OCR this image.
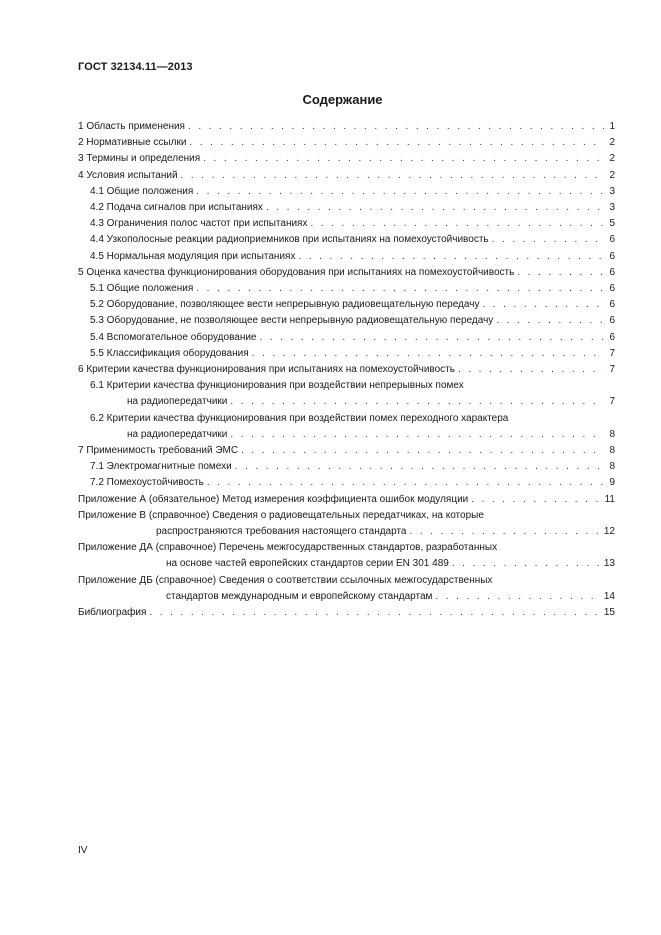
ГОСТ 32134.11—2013
Содержание
1 Область применения . . .	1
2 Нормативные ссылки . . .	2
3 Термины и определения . . .	2
4 Условия испытаний . . .	2
4.1 Общие положения . . .	3
4.2 Подача сигналов при испытаниях . . .	3
4.3 Ограничения полос частот при испытаниях . . .	5
4.4 Узкополосные реакции радиоприемников при испытаниях на помехоустойчивость . . .	6
4.5 Нормальная модуляция при испытаниях . . .	6
5 Оценка качества функционирования оборудования при испытаниях на помехоустойчивость . . .	6
5.1 Общие положения . . .	6
5.2 Оборудование, позволяющее вести непрерывную радиовещательную передачу . . .	6
5.3 Оборудование, не позволяющее вести непрерывную радиовещательную передачу . . .	6
5.4 Вспомогательное оборудование . . .	6
5.5 Классификация оборудования . . .	7
6 Критерии качества функционирования при испытаниях на помехоустойчивость . . .	7
6.1 Критерии качества функционирования при воздействии непрерывных помех
на радиопередатчики . . .	7
6.2 Критерии качества функционирования при воздействии помех переходного характера
на радиопередатчики . . .	8
7 Применимость требований ЭМС . . .	8
7.1 Электромагнитные помехи . . .	8
7.2 Помехоустойчивость . . .	9
Приложение А (обязательное) Метод измерения коэффициента ошибок модуляции . . .	11
Приложение В (справочное) Сведения о радиовещательных передатчиках, на которые
распространяются требования настоящего стандарта . . .	12
Приложение ДА (справочное) Перечень межгосударственных стандартов, разработанных
на основе частей европейских стандартов серии EN 301 489 . . .	13
Приложение ДБ (справочное) Сведения о соответствии ссылочных межгосударственных
стандартов международным и европейскому стандартам . . .	14
Библиография . . .	15
IV
